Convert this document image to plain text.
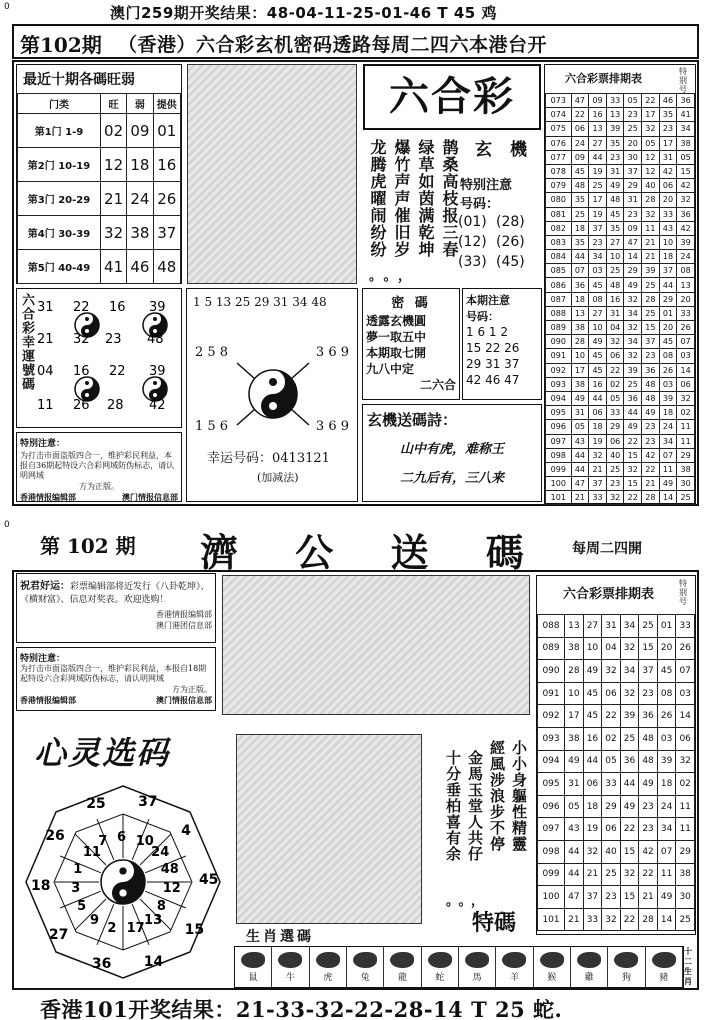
0	澳门259期开奖结果：48-04-11-25-01-46 T 45 鸡
第102期 （香港）六合彩玄机密码透路每周二四六本港台开
最近十期各碼旺弱
门类	旺	弱	提供
第1门 1-9	02	09	01
第2门 10-19	12	18	16
第3门 20-29	21	24	26
第4门 30-39	32	38	37
第5门 40-49	41	46	48
六合彩
鹊桑高枝报三春
绿草如茵满乾坤
爆竹声声催旧岁
龙腾虎曜闹纷纷
。。，
玄 機
特别注意
号码：
(01) (28)
(12) (26)
(33) (45)
六合彩票排期表
特别号
073	47	09	33	05	22	46	36
074	22	16	13	23	17	35	41
075	06	13	39	25	32	23	34
076	24	27	35	20	05	17	38
077	09	44	23	30	12	31	05
078	45	19	31	37	12	42	15
079	48	25	49	29	40	06	42
080	35	17	48	31	28	20	32
081	25	19	45	23	32	33	36
082	18	37	35	09	11	43	42
083	35	23	27	47	21	10	39
084	44	34	10	14	21	18	24
085	07	03	25	29	39	37	08
086	36	45	48	49	25	44	13
087	18	08	16	32	28	29	20
088	13	27	31	34	25	01	33
089	38	10	04	32	15	20	26
090	28	49	32	34	37	45	07
091	10	45	06	32	23	08	03
092	17	45	22	39	36	26	14
093	38	16	02	25	48	03	06
094	49	44	05	36	48	39	32
095	31	06	33	44	49	18	02
096	05	18	29	49	23	24	11
097	43	19	06	22	23	34	11
098	44	32	40	15	42	07	29
099	44	21	25	32	22	11	38
100	47	37	23	15	21	49	30
101	21	33	32	22	28	14	25
六合彩幸運號碼 31 22 16 39
21 32 23 48
04 16 22 39
11 26 28 42
特別注意：
为打击市面盗版四合一，维护彩民利益，本报自36期起特设六合彩网域防伪标志，请认明网域
方为正版。
香港情报编辑部	澳门情报信息部
1 5 13 25 29 31 34 48
2 5 8	3 6 9
1 5 6	3 6 9
幸运号码：0413121
(加减法)
密 碼
透露玄機圓
夢一取五中
本期取七開
九八中定
二六合
本期注意
号码：
1 6 1 2
15 22 26
29 31 37
42 46 47
玄機送碼詩：
山中有虎，难称王
二九后有，三八来
0
第 102 期 濟 公 送 碼 每周二四開
祝君好运：彩票编辑部将近发行《八卦乾坤》、《横财富》、信息对奖表。欢迎选购！
香港情报编辑部
澳门港团信息部
特别注意：
为打击市面盗版四合一，维护彩民利益，本报自18期起特设六合彩网域防伪标志，请认明网域
方为正版。
香港情报编辑部	澳门情报信息部
心灵选码
6 10
24
48
12
8
13
17
2
9
5
3
1
11
7
25 37
4
45
15
14
36
27
18
26	小小身軀性精靈
經風涉浪步不停
金馬玉堂人共仔
十分垂柏喜有余
。。，
特碼
六合彩票排期表
特别号
088	13	27	31	34	25	01	33
089	38	10	04	32	15	20	26
090	28	49	32	34	37	45	07
091	10	45	06	32	23	08	03
092	17	45	22	39	36	26	14
093	38	16	02	25	48	03	06
094	49	44	05	36	48	39	32
095	31	06	33	44	49	18	02
096	05	18	29	49	23	24	11
097	43	19	06	22	23	34	11
098	44	32	40	15	42	07	29
099	44	21	25	32	22	11	38
100	47	37	23	15	21	49	30
101	21	33	32	22	28	14	25
生肖選碼
鼠	牛	虎	兔	龍	蛇	馬	羊	猴	雞	狗	豬
十二生肖
香港101开奖结果：21-33-32-22-28-14 T 25 蛇.
